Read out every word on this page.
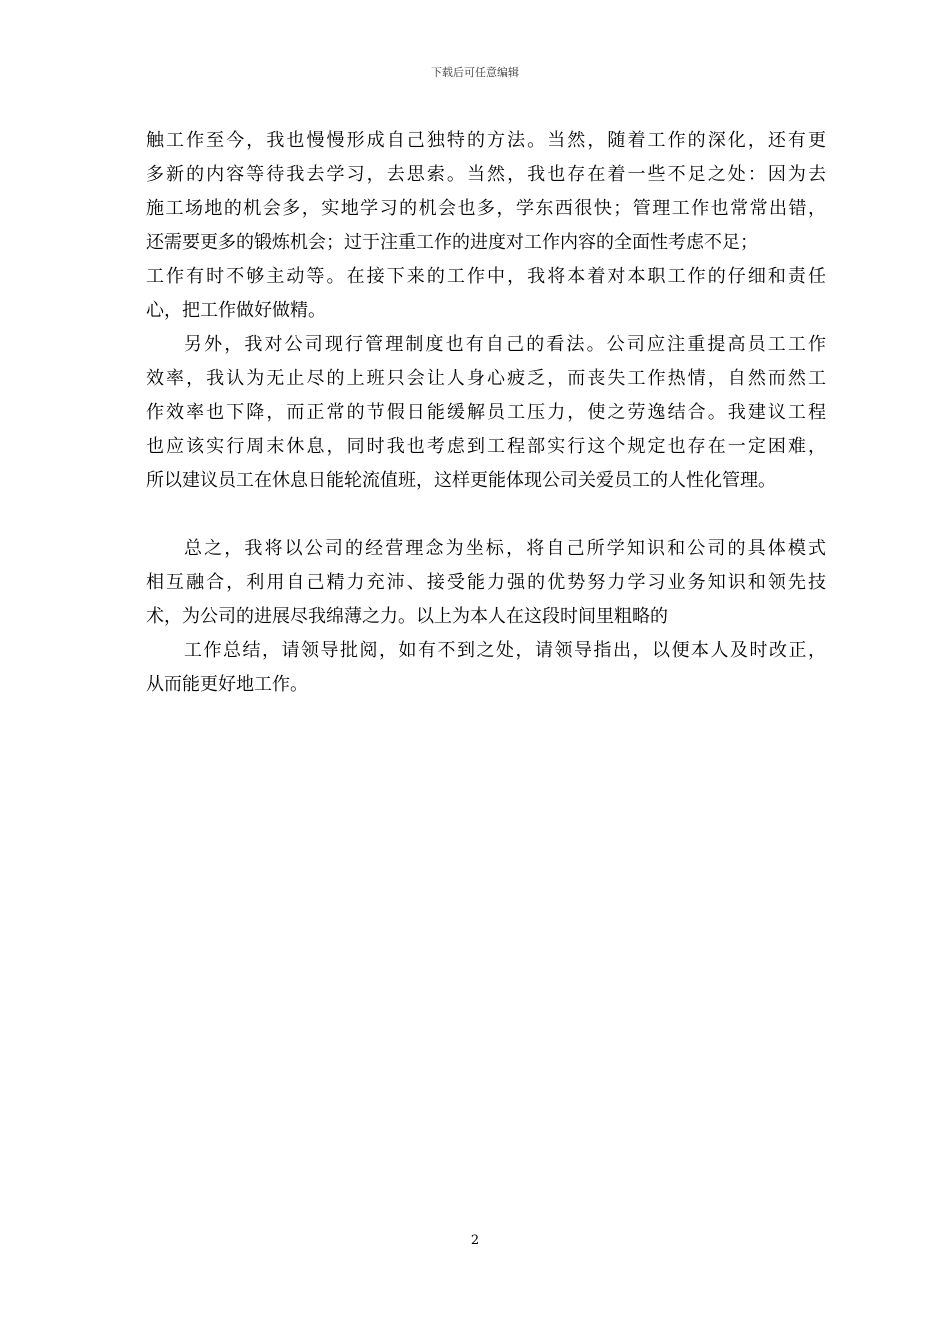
下载后可任意编辑
触工作至今，我也慢慢形成自己独特的方法。当然，随着工作的深化，还有更
多新的内容等待我去学习，去思索。当然，我也存在着一些不足之处：因为去
施工场地的机会多，实地学习的机会也多，学东西很快；管理工作也常常出错，
还需要更多的锻炼机会；过于注重工作的进度对工作内容的全面性考虑不足；
工作有时不够主动等。在接下来的工作中，我将本着对本职工作的仔细和责任
心，把工作做好做精。
另外，我对公司现行管理制度也有自己的看法。公司应注重提高员工工作
效率，我认为无止尽的上班只会让人身心疲乏，而丧失工作热情，自然而然工
作效率也下降，而正常的节假日能缓解员工压力，使之劳逸结合。我建议工程
也应该实行周末休息，同时我也考虑到工程部实行这个规定也存在一定困难，
所以建议员工在休息日能轮流值班，这样更能体现公司关爱员工的人性化管理。
总之，我将以公司的经营理念为坐标，将自己所学知识和公司的具体模式
相互融合，利用自己精力充沛、接受能力强的优势努力学习业务知识和领先技
术，为公司的进展尽我绵薄之力。以上为本人在这段时间里粗略的
工作总结，请领导批阅，如有不到之处，请领导指出，以便本人及时改正，
从而能更好地工作。
2
